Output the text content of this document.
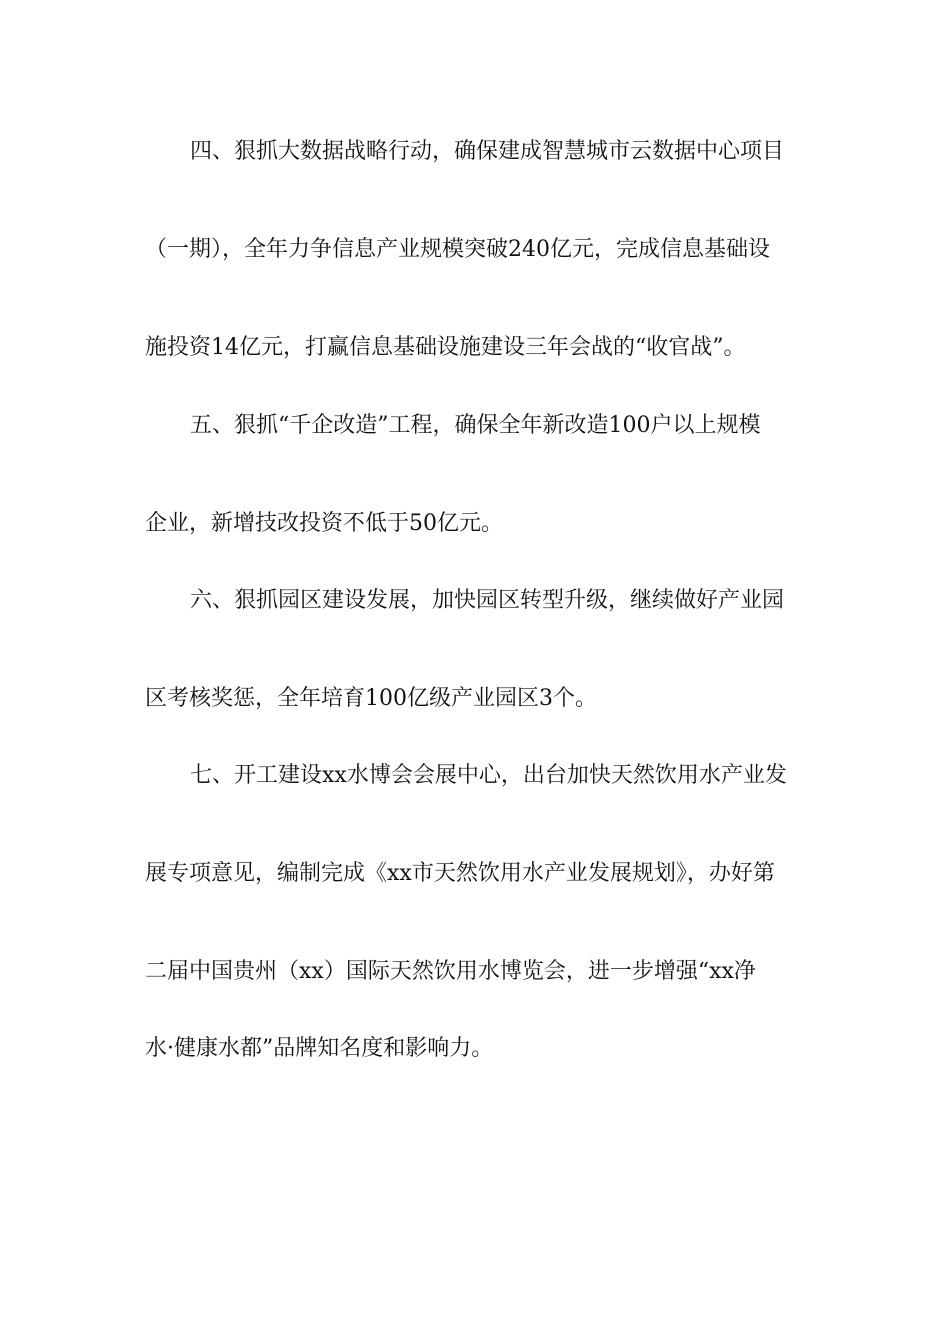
四、狠抓大数据战略行动，确保建成智慧城市云数据中心项目
（一期），全年力争信息产业规模突破240亿元，完成信息基础设
施投资14亿元，打赢信息基础设施建设三年会战的“收官战”。
五、狠抓“千企改造”工程，确保全年新改造100户以上规模
企业，新增技改投资不低于50亿元。
六、狠抓园区建设发展，加快园区转型升级，继续做好产业园
区考核奖惩，全年培育100亿级产业园区3个。
七、开工建设xx水博会会展中心，出台加快天然饮用水产业发
展专项意见，编制完成《xx市天然饮用水产业发展规划》，办好第
二届中国贵州（xx）国际天然饮用水博览会，进一步增强“xx净
水·健康水都”品牌知名度和影响力。
